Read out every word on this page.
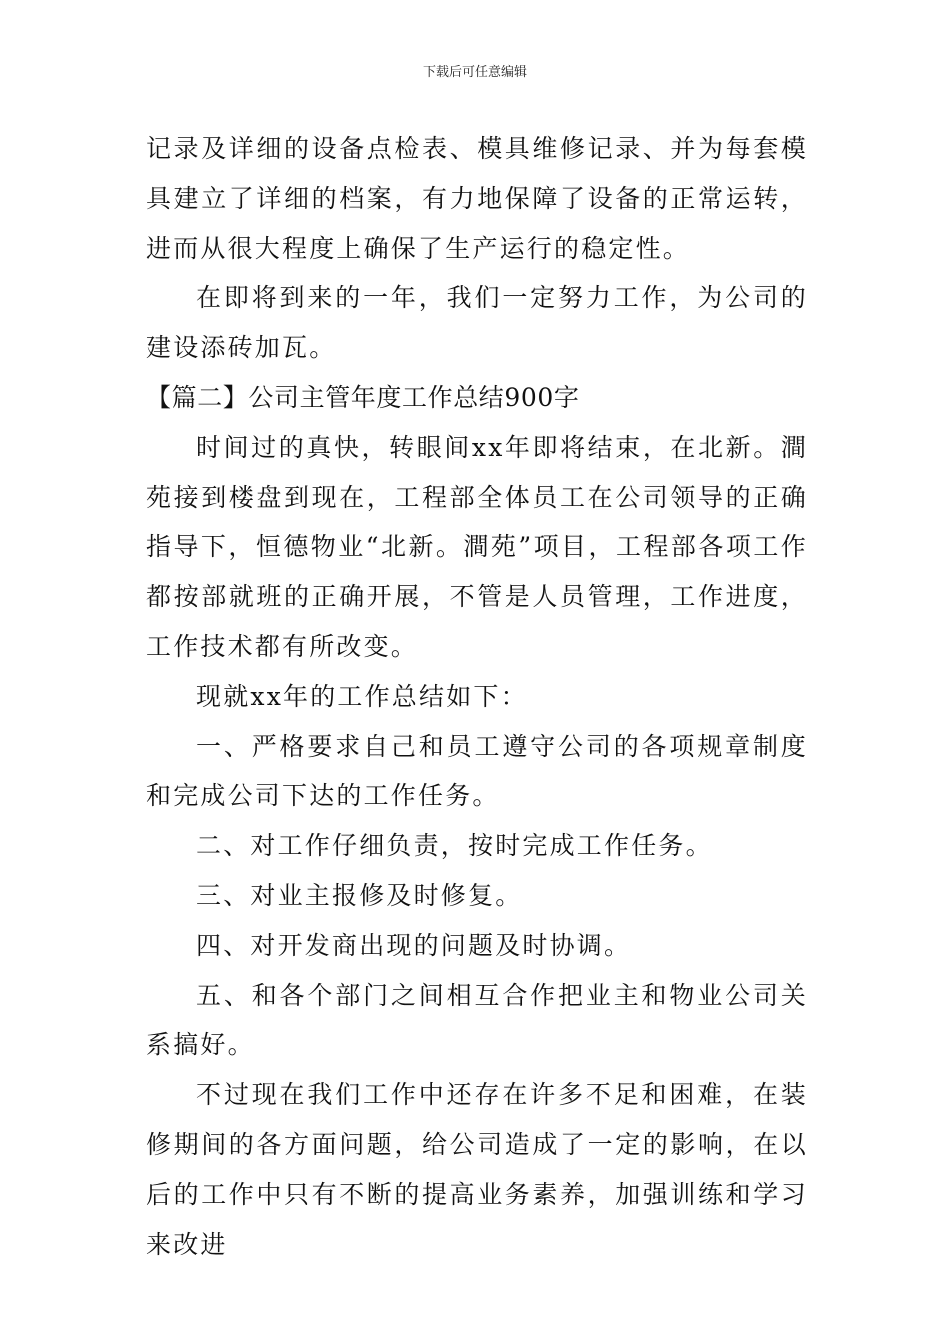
下载后可任意编辑

记录及详细的设备点检表、模具维修记录、并为每套模具建立了详细的档案，有力地保障了设备的正常运转，进而从很大程度上确保了生产运行的稳定性。

在即将到来的一年，我们一定努力工作，为公司的建设添砖加瓦。

【篇二】公司主管年度工作总结900字

时间过的真快，转眼间xx年即将结束，在北新。澗苑接到楼盘到现在，工程部全体员工在公司领导的正确指导下，恒德物业“北新。澗苑”项目，工程部各项工作都按部就班的正确开展，不管是人员管理，工作进度，工作技术都有所改变。

现就xx年的工作总结如下：

一、严格要求自己和员工遵守公司的各项规章制度和完成公司下达的工作任务。

二、对工作仔细负责，按时完成工作任务。

三、对业主报修及时修复。

四、对开发商出现的问题及时协调。

五、和各个部门之间相互合作把业主和物业公司关系搞好。

不过现在我们工作中还存在许多不足和困难，在装修期间的各方面问题，给公司造成了一定的影响，在以后的工作中只有不断的提高业务素养，加强训练和学习来改进
